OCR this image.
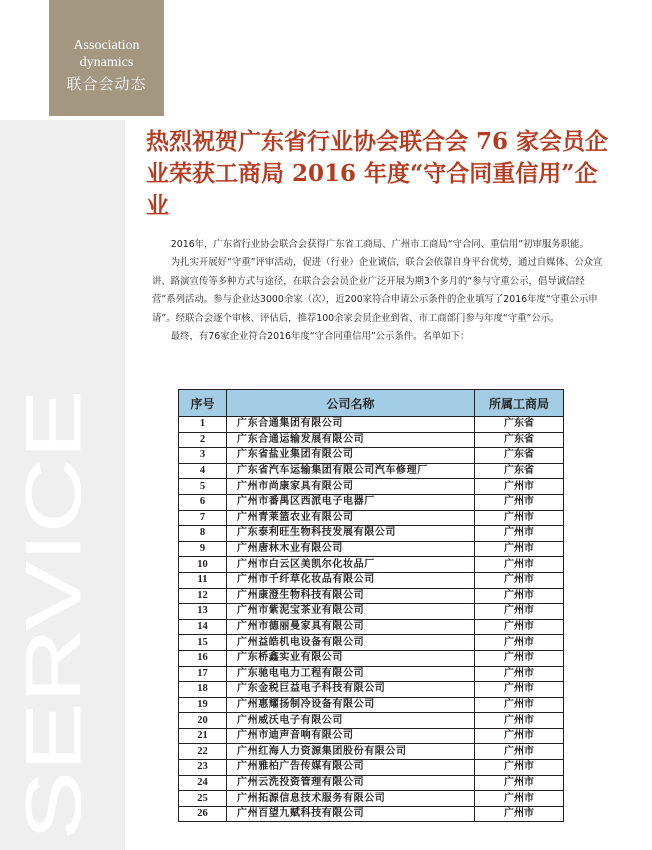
Association
dynamics
联合会动态
SERVICE
热烈祝贺广东省行业协会联合会 76 家会员企业荣获工商局 2016 年度“守合同重信用”企业

2016年，广东省行业协会联合会获得广东省工商局、广州市工商局“守合同、重信用”初审服务职能。

为扎实开展好“守重”评审活动，促进（行业）企业诚信，联合会依靠自身平台优势，通过自媒体、公众宣讲、路演宣传等多种方式与途径，在联合会会员企业广泛开展为期3个多月的“参与守重公示，倡导诚信经营”系列活动。参与企业达3000余家（次），近200家符合申请公示条件的企业填写了2016年度“守重公示申请”。经联合会逐个审核、评估后，推荐100余家会员企业到省、市工商部门参与年度“守重”公示。

最终，有76家企业符合2016年度“守合同重信用”公示条件。名单如下：

序号	公司名称	所属工商局
1	广东合通集团有限公司	广东省
2	广东合通运输发展有限公司	广东省
3	广东省盐业集团有限公司	广东省
4	广东省汽车运输集团有限公司汽车修理厂	广东省
5	广州市尚康家具有限公司	广州市
6	广州市番禺区西派电子电器厂	广州市
7	广州青莱篮农业有限公司	广州市
8	广东泰利旺生物科技发展有限公司	广州市
9	广州唐林木业有限公司	广州市
10	广州市白云区美凯尔化妆品厂	广州市
11	广州市千纤草化妆品有限公司	广州市
12	广州康澄生物科技有限公司	广州市
13	广州市紫泥宝茶业有限公司	广州市
14	广州市德丽曼家具有限公司	广州市
15	广州益皓机电设备有限公司	广州市
16	广东桥鑫实业有限公司	广州市
17	广东驰电电力工程有限公司	广州市
18	广东金税巨益电子科技有限公司	广州市
19	广州惠耀扬制冷设备有限公司	广州市
20	广州威沃电子有限公司	广州市
21	广州市迪声音响有限公司	广州市
22	广州红海人力资源集团股份有限公司	广州市
23	广州雅柏广告传媒有限公司	广州市
24	广州云洗投资管理有限公司	广州市
25	广州拓源信息技术服务有限公司	广州市
26	广州百望九赋科技有限公司	广州市
